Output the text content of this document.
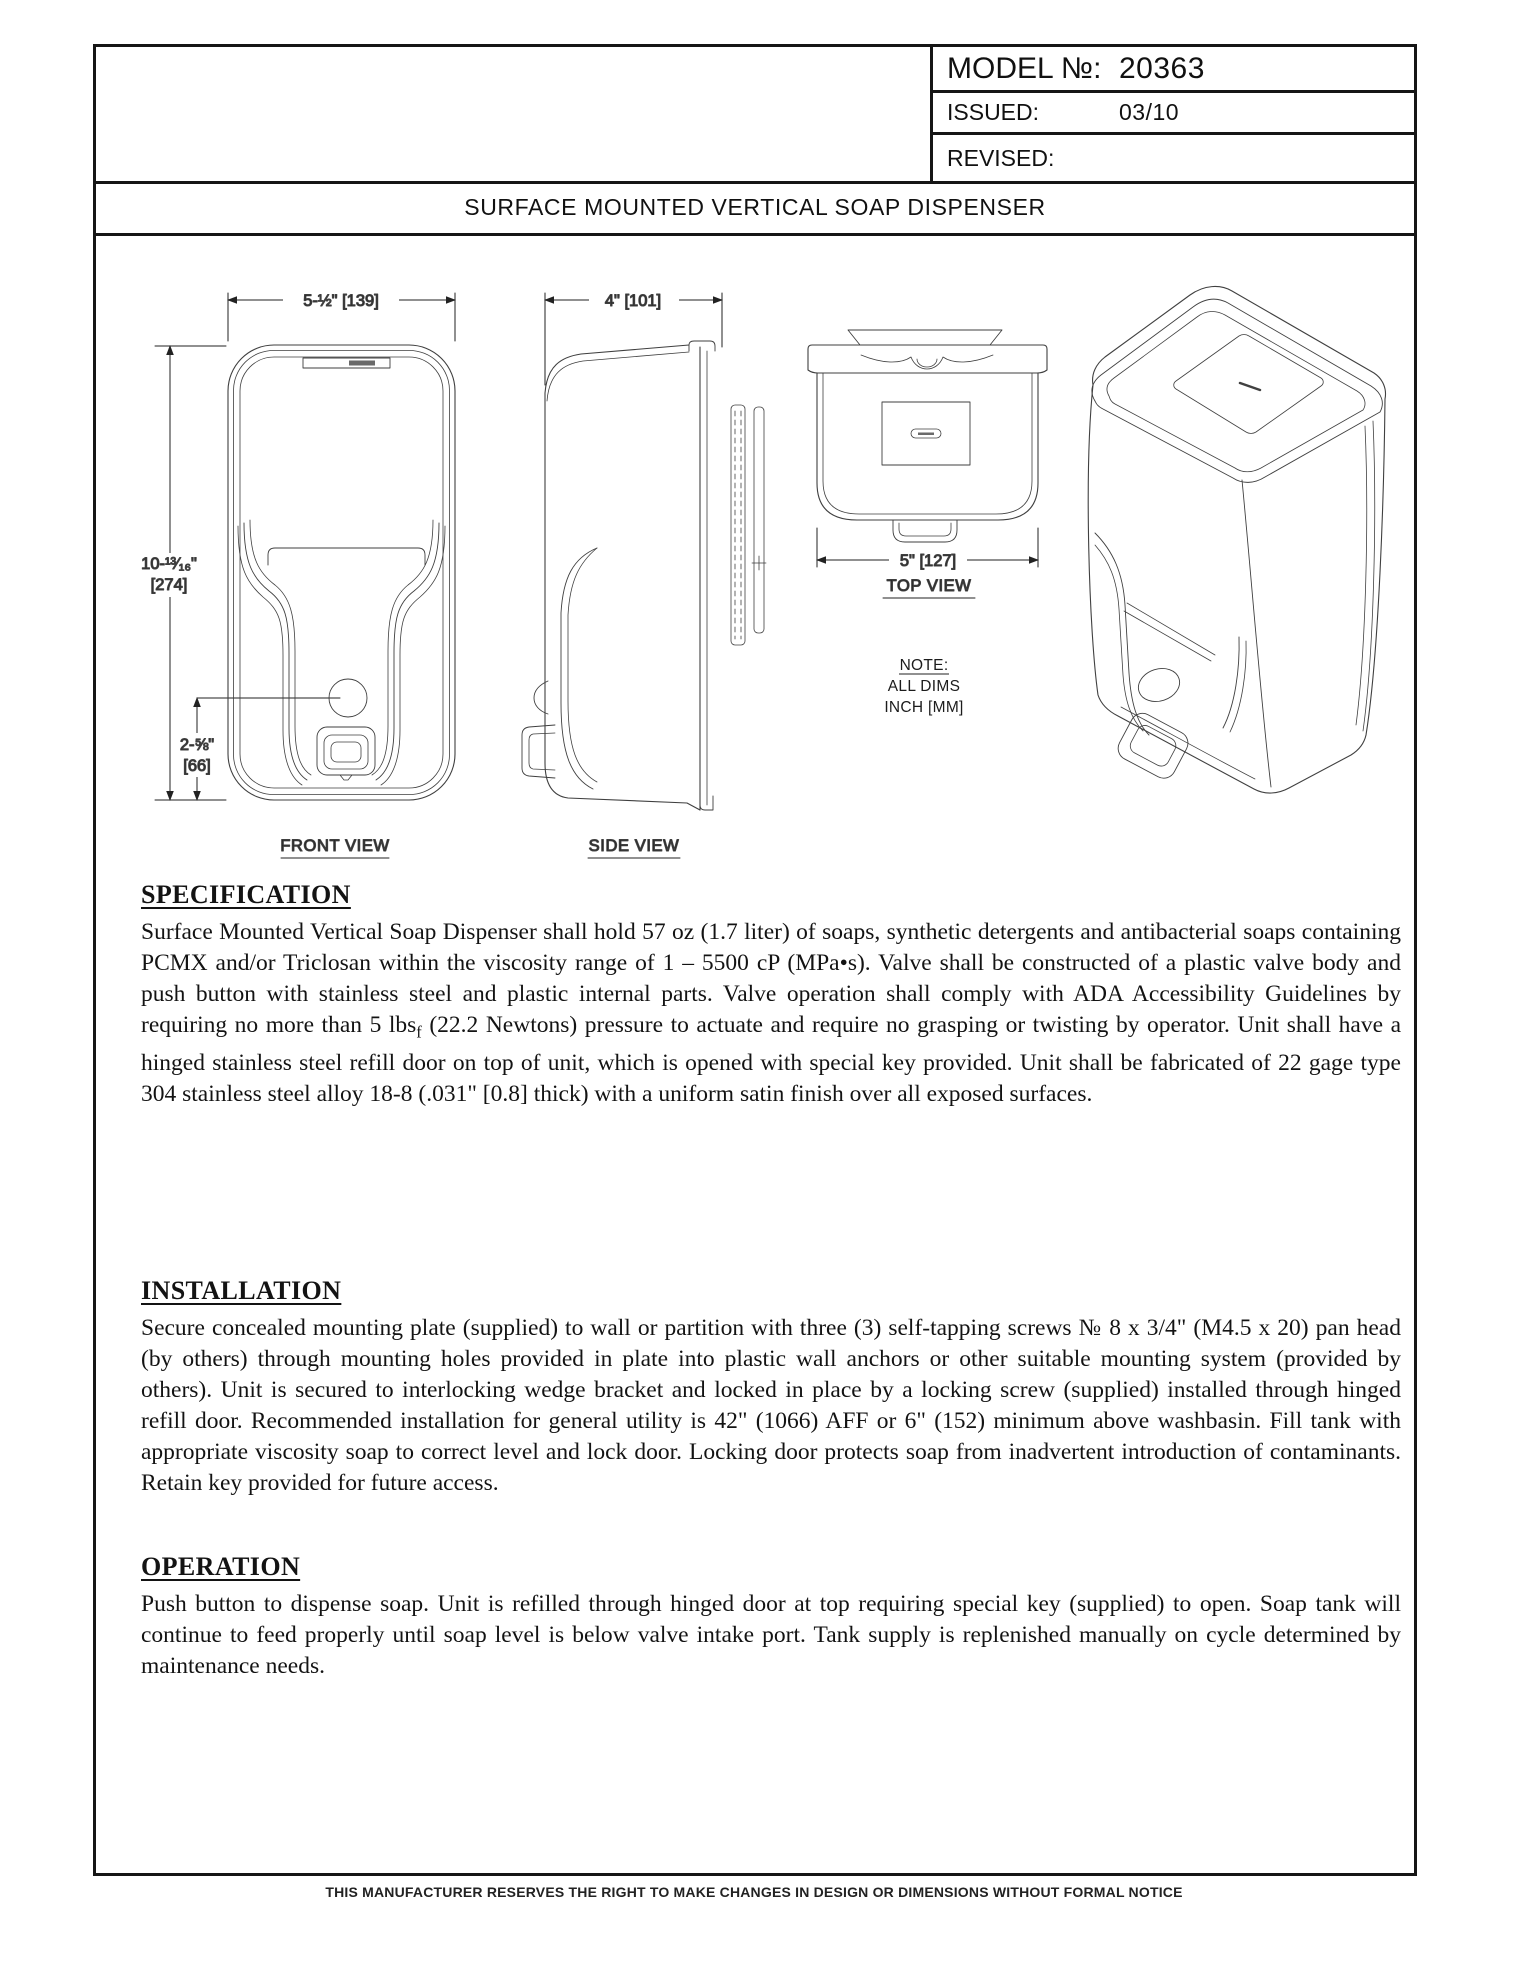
MODEL №: 20363
ISSUED:	03/10
REVISED:
SURFACE MOUNTED VERTICAL SOAP DISPENSER
5-½" [139]
10-¹³⁄₁₆"
[274]
2-⅝"
[66]
FRONT VIEW
4" [101]
SIDE VIEW
5" [127]
TOP VIEW
NOTE:
ALL DIMS
INCH [MM]
SPECIFICATION

Surface Mounted Vertical Soap Dispenser shall hold 57 oz (1.7 liter) of soaps, synthetic detergents and antibacterial soaps containing PCMX and/or Triclosan within the viscosity range of 1 – 5500 cP (MPa•s). Valve shall be constructed of a plastic valve body and push button with stainless steel and plastic internal parts. Valve operation shall comply with ADA Accessibility Guidelines by requiring no more than 5 lbs$_f$ (22.2 Newtons) pressure to actuate and require no grasping or twisting by operator. Unit shall have a hinged stainless steel refill door on top of unit, which is opened with special key provided. Unit shall be fabricated of 22 gage type 304 stainless steel alloy 18-8 (.031" [0.8] thick) with a uniform satin finish over all exposed surfaces.

INSTALLATION

Secure concealed mounting plate (supplied) to wall or partition with three (3) self-tapping screws № 8 x 3/4" (M4.5 x 20) pan head (by others) through mounting holes provided in plate into plastic wall anchors or other suitable mounting system (provided by others). Unit is secured to interlocking wedge bracket and locked in place by a locking screw (supplied) installed through hinged refill door. Recommended installation for general utility is 42" (1066) AFF or 6" (152) minimum above washbasin. Fill tank with appropriate viscosity soap to correct level and lock door. Locking door protects soap from inadvertent introduction of contaminants. Retain key provided for future access.

OPERATION

Push button to dispense soap. Unit is refilled through hinged door at top requiring special key (supplied) to open. Soap tank will continue to feed properly until soap level is below valve intake port. Tank supply is replenished manually on cycle determined by maintenance needs.

THIS MANUFACTURER RESERVES THE RIGHT TO MAKE CHANGES IN DESIGN OR DIMENSIONS WITHOUT FORMAL NOTICE
